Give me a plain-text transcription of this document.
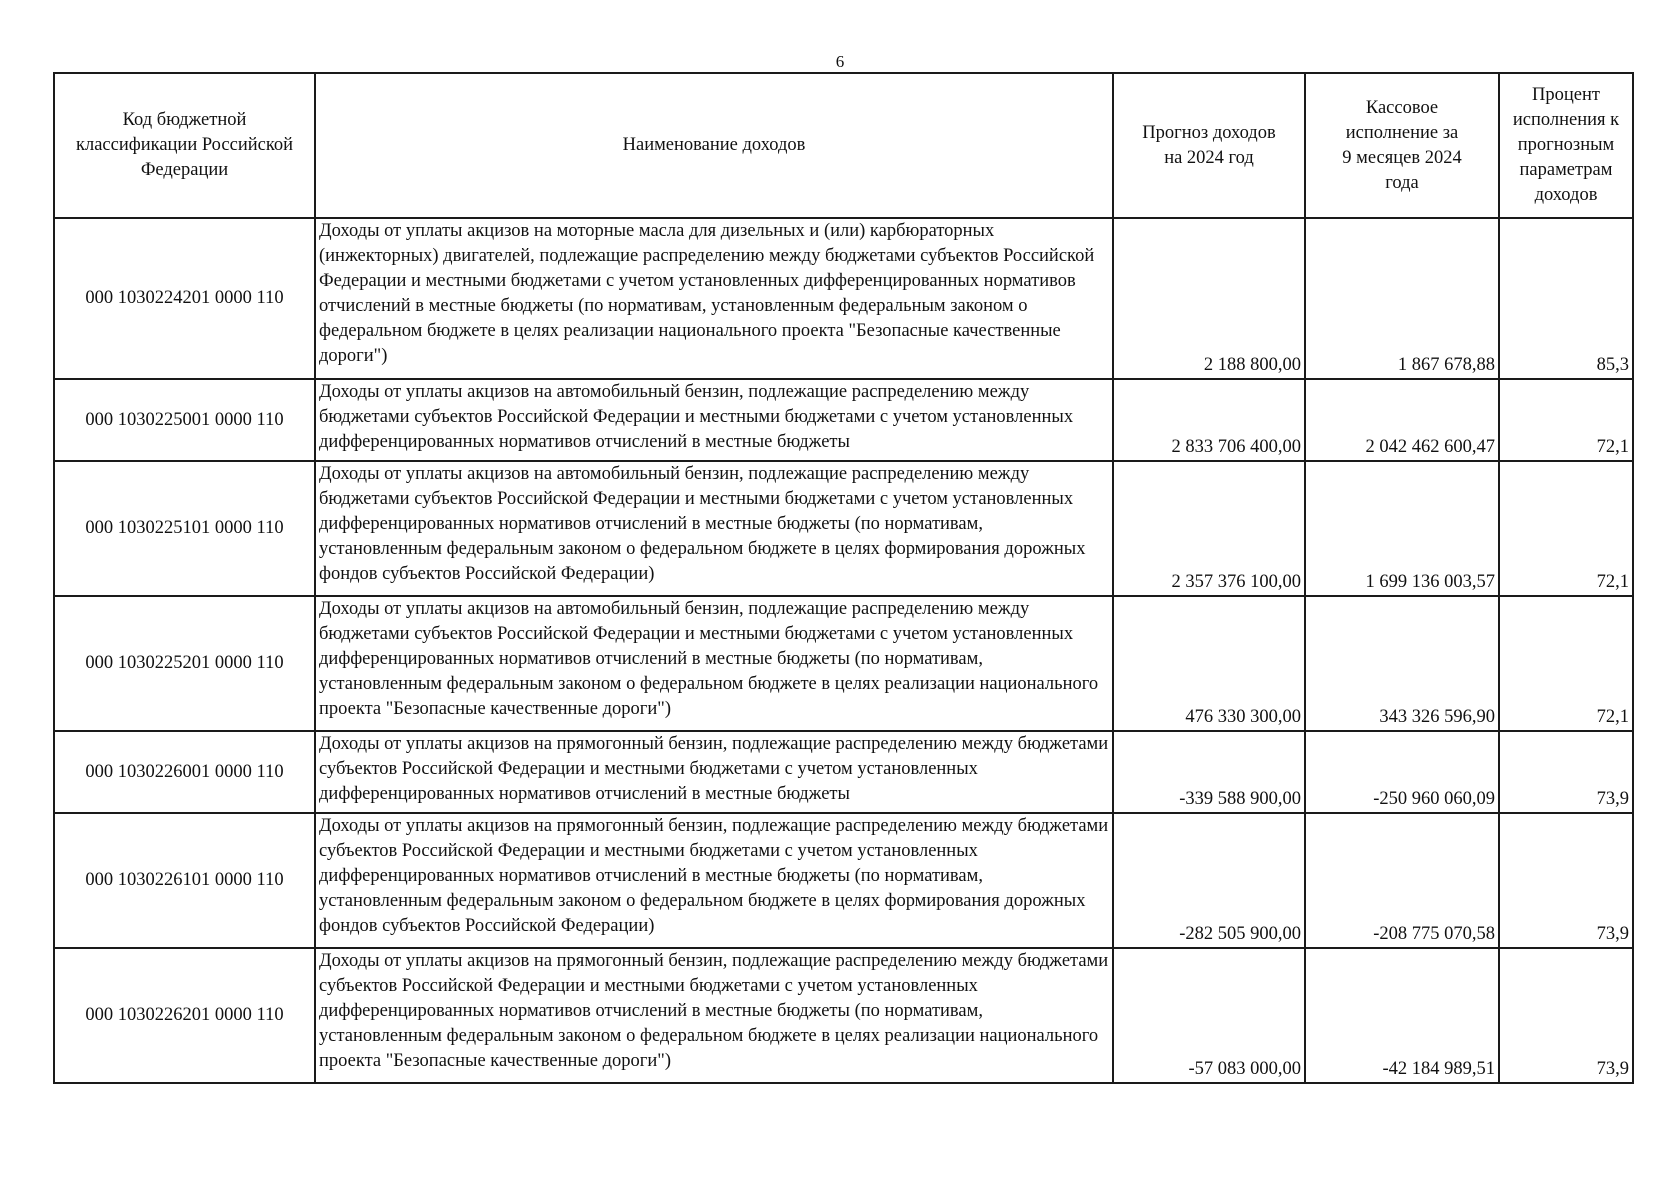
6
Код бюджетной классификации Российской Федерации	Наименование доходов	Прогноз доходов на 2024 год	Кассовое исполнение за 9 месяцев 2024 года	Процент исполнения к прогнозным параметрам доходов

000 1030224201 0000 110	Доходы от уплаты акцизов на моторные масла для дизельных и (или) карбюраторных (инжекторных) двигателей, подлежащие распределению между бюджетами субъектов Российской Федерации и местными бюджетами с учетом установленных дифференцированных нормативов отчислений в местные бюджеты (по нормативам, установленным федеральным законом о федеральном бюджете в целях реализации национального проекта "Безопасные качественные дороги")	2 188 800,00	1 867 678,88	85,3
000 1030225001 0000 110	Доходы от уплаты акцизов на автомобильный бензин, подлежащие распределению между бюджетами субъектов Российской Федерации и местными бюджетами с учетом установленных дифференцированных нормативов отчислений в местные бюджеты	2 833 706 400,00	2 042 462 600,47	72,1
000 1030225101 0000 110	Доходы от уплаты акцизов на автомобильный бензин, подлежащие распределению между бюджетами субъектов Российской Федерации и местными бюджетами с учетом установленных дифференцированных нормативов отчислений в местные бюджеты (по нормативам, установленным федеральным законом о федеральном бюджете в целях формирования дорожных фондов субъектов Российской Федерации)	2 357 376 100,00	1 699 136 003,57	72,1
000 1030225201 0000 110	Доходы от уплаты акцизов на автомобильный бензин, подлежащие распределению между бюджетами субъектов Российской Федерации и местными бюджетами с учетом установленных дифференцированных нормативов отчислений в местные бюджеты (по нормативам, установленным федеральным законом о федеральном бюджете в целях реализации национального проекта "Безопасные качественные дороги")	476 330 300,00	343 326 596,90	72,1
000 1030226001 0000 110	Доходы от уплаты акцизов на прямогонный бензин, подлежащие распределению между бюджетами субъектов Российской Федерации и местными бюджетами с учетом установленных дифференцированных нормативов отчислений в местные бюджеты	-339 588 900,00	-250 960 060,09	73,9
000 1030226101 0000 110	Доходы от уплаты акцизов на прямогонный бензин, подлежащие распределению между бюджетами субъектов Российской Федерации и местными бюджетами с учетом установленных дифференцированных нормативов отчислений в местные бюджеты (по нормативам, установленным федеральным законом о федеральном бюджете в целях формирования дорожных фондов субъектов Российской Федерации)	-282 505 900,00	-208 775 070,58	73,9
000 1030226201 0000 110	Доходы от уплаты акцизов на прямогонный бензин, подлежащие распределению между бюджетами субъектов Российской Федерации и местными бюджетами с учетом установленных дифференцированных нормативов отчислений в местные бюджеты (по нормативам, установленным федеральным законом о федеральном бюджете в целях реализации национального проекта "Безопасные качественные дороги")	-57 083 000,00	-42 184 989,51	73,9
